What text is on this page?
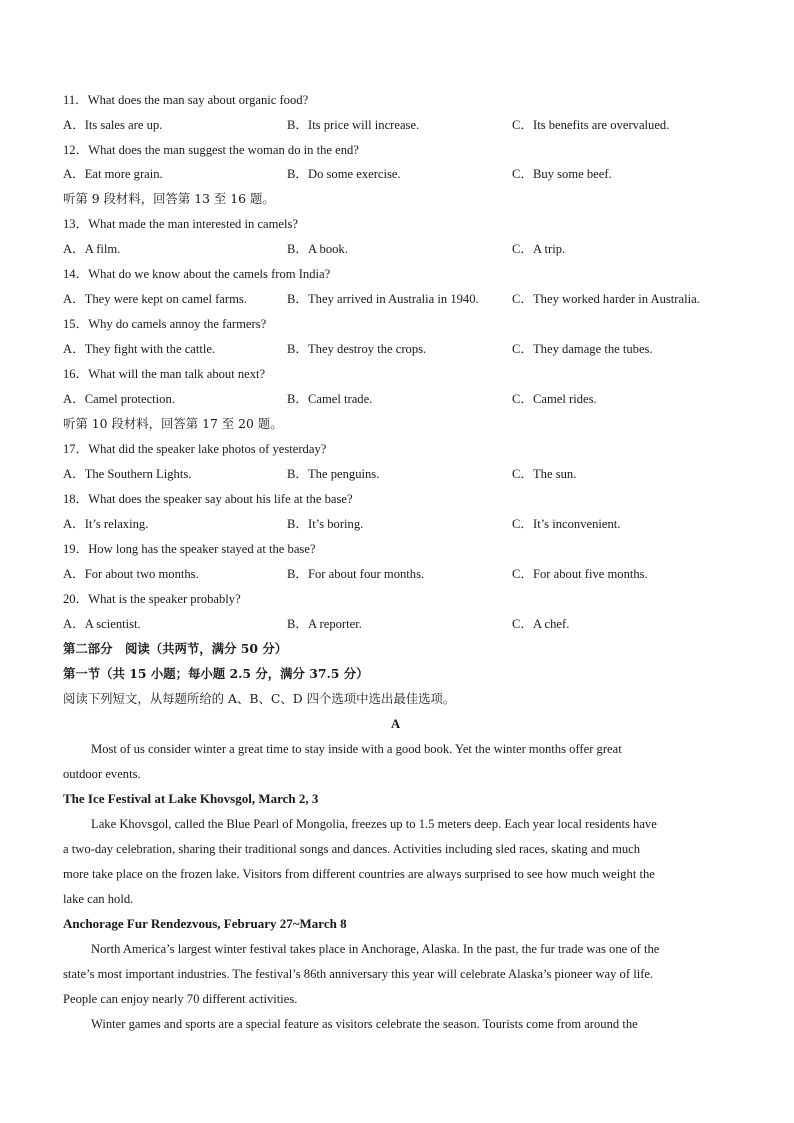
11．What does the man say about organic food?
A．Its sales are up.	B．Its price will increase.	C．Its benefits are overvalued.
12．What does the man suggest the woman do in the end?
A．Eat more grain.	B．Do some exercise.	C．Buy some beef.
听第 9 段材料，回答第 13 至 16 题。
13．What made the man interested in camels?
A．A film.	B．A book.	C．A trip.
14．What do we know about the camels from India?
A．They were kept on camel farms.	B．They arrived in Australia in 1940.	C．They worked harder in Australia.
15．Why do camels annoy the farmers?
A．They fight with the cattle.	B．They destroy the crops.	C．They damage the tubes.
16．What will the man talk about next?
A．Camel protection.	B．Camel trade.	C．Camel rides.
听第 10 段材料，回答第 17 至 20 题。
17．What did the speaker lake photos of yesterday?
A．The Southern Lights.	B．The penguins.	C．The sun.
18．What does the speaker say about his life at the base?
A．It’s relaxing.	B．It’s boring.	C．It’s inconvenient.
19．How long has the speaker stayed at the base?
A．For about two months.	B．For about four months.	C．For about five months.
20．What is the speaker probably?
A．A scientist.	B．A reporter.	C．A chef.
第二部分　阅读（共两节，满分 50 分）
第一节（共 15 小题；每小题 2.5 分，满分 37.5 分）
阅读下列短文，从每题所给的 A、B、C、D 四个选项中选出最佳选项。
A
Most of us consider winter a great time to stay inside with a good book. Yet the winter months offer great
outdoor events.
The Ice Festival at Lake Khovsgol, March 2, 3
Lake Khovsgol, called the Blue Pearl of Mongolia, freezes up to 1.5 meters deep. Each year local residents have
a two-day celebration, sharing their traditional songs and dances. Activities including sled races, skating and much
more take place on the frozen lake. Visitors from different countries are always surprised to see how much weight the
lake can hold.
Anchorage Fur Rendezvous, February 27~March 8
North America’s largest winter festival takes place in Anchorage, Alaska. In the past, the fur trade was one of the
state’s most important industries. The festival’s 86th anniversary this year will celebrate Alaska’s pioneer way of life.
People can enjoy nearly 70 different activities.
Winter games and sports are a special feature as visitors celebrate the season. Tourists come from around the
